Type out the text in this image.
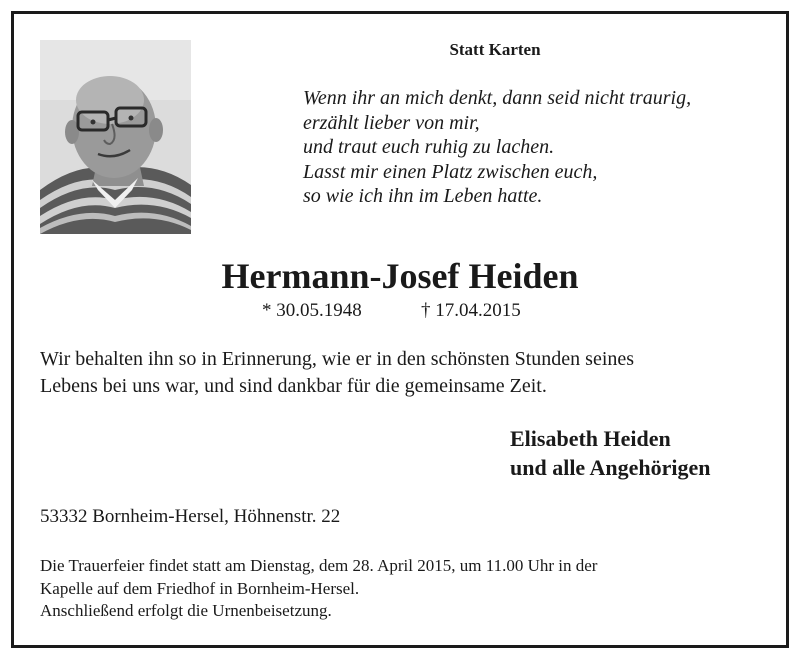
Statt Karten
Wenn ihr an mich denkt, dann seid nicht traurig,
erzählt lieber von mir,
und traut euch ruhig zu lachen.
Lasst mir einen Platz zwischen euch,
so wie ich ihn im Leben hatte.
Hermann-Josef Heiden
* 30.05.1948	† 17.04.2015
Wir behalten ihn so in Erinnerung, wie er in den schönsten Stunden seines
Lebens bei uns war, und sind dankbar für die gemeinsame Zeit.
Elisabeth Heiden
und alle Angehörigen
53332 Bornheim-Hersel, Höhnenstr. 22
Die Trauerfeier findet statt am Dienstag, dem 28. April 2015, um 11.00 Uhr in der
Kapelle auf dem Friedhof in Bornheim-Hersel.
Anschließend erfolgt die Urnenbeisetzung.
